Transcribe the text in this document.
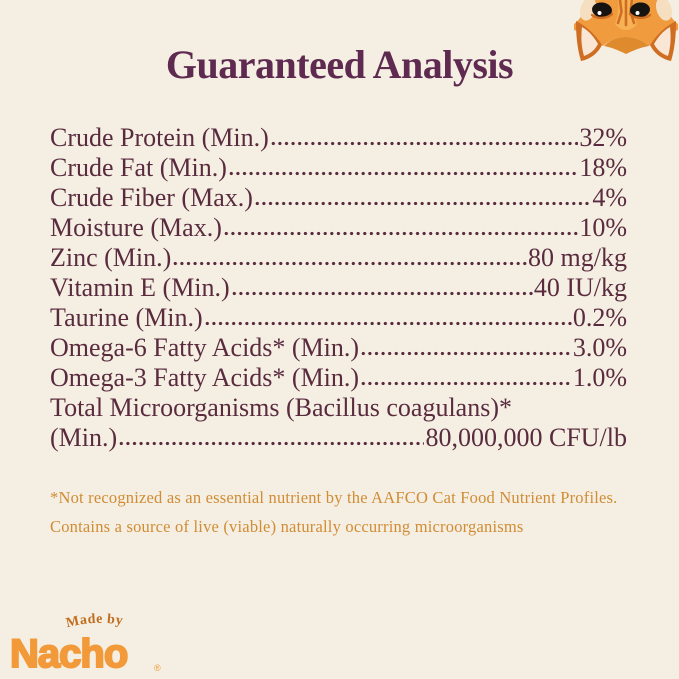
Guaranteed Analysis
Crude Protein (Min.)	32%
Crude Fat (Min.)	18%
Crude Fiber (Max.)	4%
Moisture (Max.)	10%
Zinc (Min.)	80 mg/kg
Vitamin E (Min.)	40 IU/kg
Taurine (Min.)	0.2%
Omega-6 Fatty Acids* (Min.)	3.0%
Omega-3 Fatty Acids* (Min.)	1.0%
Total Microorganisms (Bacillus coagulans)*
(Min.)	80,000,000 CFU/lb
*Not recognized as an essential nutrient by the AAFCO Cat Food Nutrient Profiles.
Contains a source of live (viable) naturally occurring microorganisms
Made by
Nacho	®
